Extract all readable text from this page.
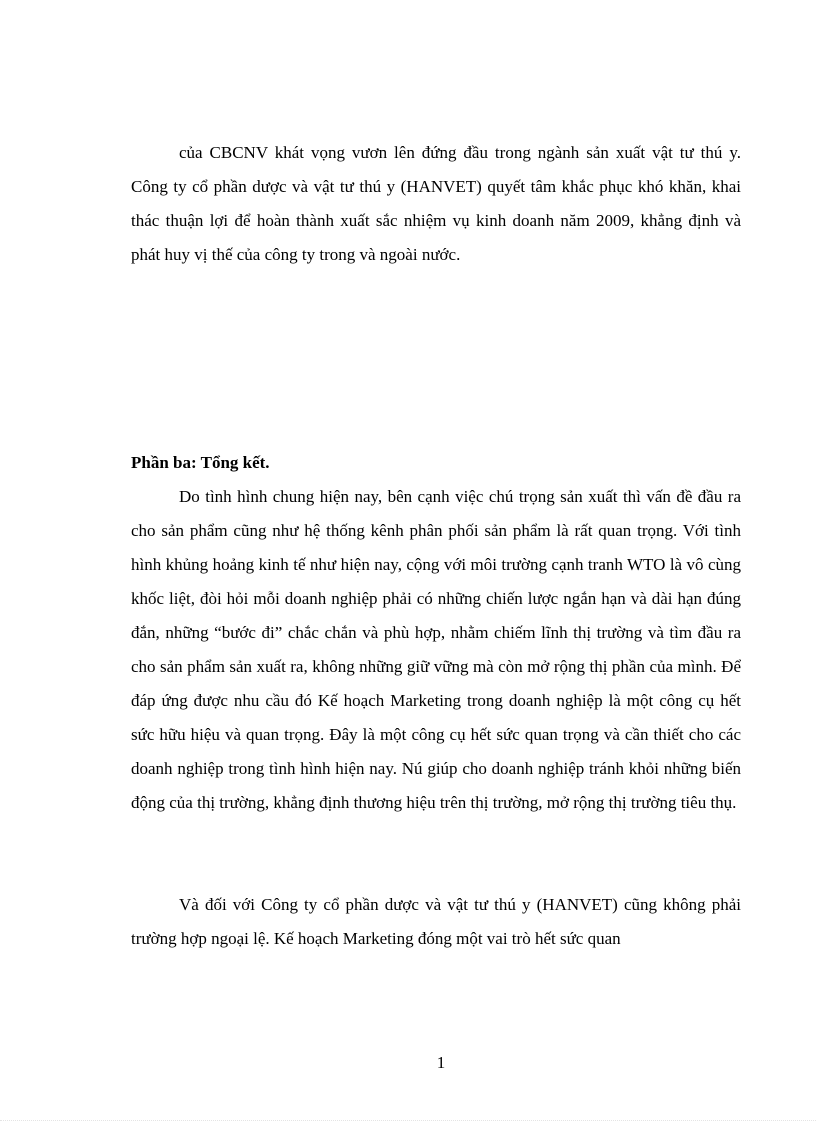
của CBCNV khát vọng vươn lên đứng đầu trong ngành sản xuất vật tư thú y. Công ty cổ phần dược và vật tư thú y (HANVET) quyết tâm khắc phục khó khăn, khai thác thuận lợi để hoàn thành xuất sắc nhiệm vụ kinh doanh năm 2009, khẳng định và phát huy vị thế của công ty trong và ngoài nước.

Phần ba: Tổng kết.

Do tình hình chung hiện nay, bên cạnh việc chú trọng sản xuất thì vấn đề đầu ra cho sản phẩm cũng như hệ thống kênh phân phối sản phẩm là rất quan trọng. Với tình hình khủng hoảng kinh tế như hiện nay, cộng với môi trường cạnh tranh WTO là vô cùng khốc liệt, đòi hỏi mỗi doanh nghiệp phải có những chiến lược ngắn hạn và dài hạn đúng đắn, những “bước đi” chắc chắn và phù hợp, nhằm chiếm lĩnh thị trường và tìm đầu ra cho sản phẩm sản xuất ra, không những giữ vững mà còn mở rộng thị phần của mình. Để đáp ứng được nhu cầu đó Kế hoạch Marketing trong doanh nghiệp là một công cụ hết sức hữu hiệu và quan trọng. Đây là một công cụ hết sức quan trọng và cần thiết cho các doanh nghiệp trong tình hình hiện nay. Nú giúp cho doanh nghiệp tránh khỏi những biến động của thị trường, khẳng định thương hiệu trên thị trường, mở rộng thị trường tiêu thụ.

Và đối với Công ty cổ phần dược và vật tư thú y (HANVET) cũng không phải trường hợp ngoại lệ. Kế hoạch Marketing đóng một vai trò hết sức quan

1
